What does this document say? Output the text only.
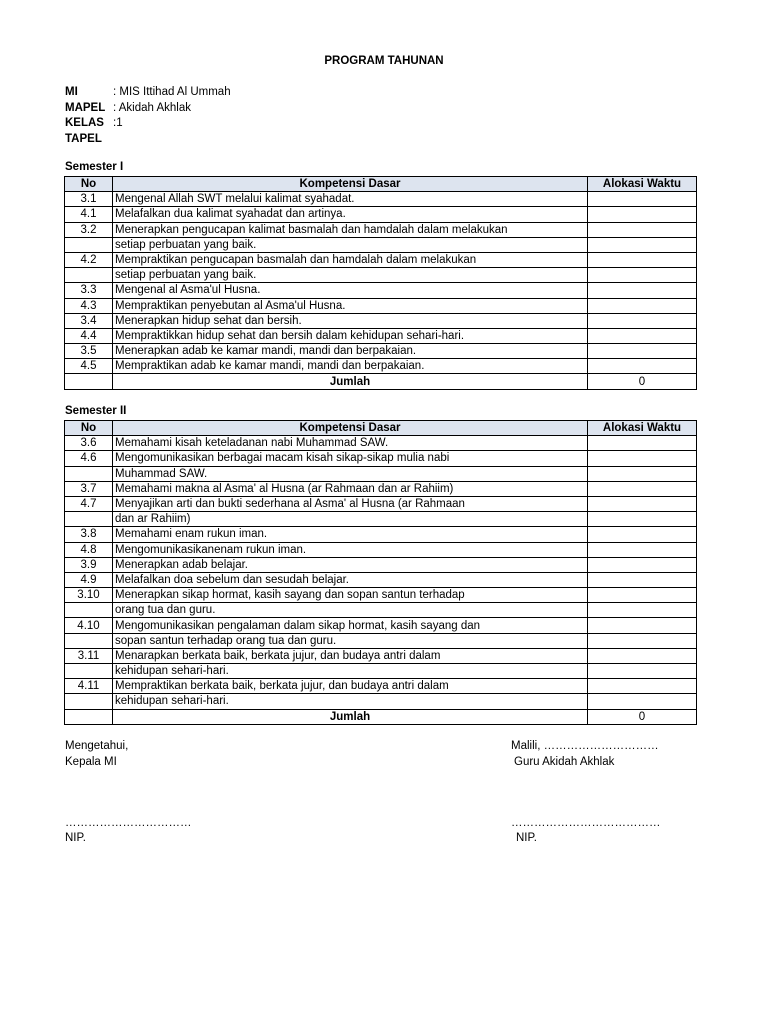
PROGRAM TAHUNAN
MI	: MIS Ittihad Al Ummah
MAPEL : Akidah Akhlak
KELAS :1
TAPEL
Semester I
No	Kompetensi Dasar	Alokasi Waktu
3.1	Mengenal Allah SWT melalui kalimat syahadat.	
4.1	Melafalkan dua kalimat syahadat dan artinya.	
3.2	Menerapkan pengucapan kalimat basmalah dan hamdalah dalam melakukan	
	setiap perbuatan yang baik.	
4.2	Mempraktikan pengucapan basmalah dan hamdalah dalam melakukan	
	setiap perbuatan yang baik.	
3.3	Mengenal al Asma'ul Husna.	
4.3	Mempraktikan penyebutan al Asma'ul Husna.	
3.4	Menerapkan hidup sehat dan bersih.	
4.4	Mempraktikkan hidup sehat dan bersih dalam kehidupan sehari-hari.	
3.5	Menerapkan adab ke kamar mandi, mandi dan berpakaian.	
4.5	Mempraktikan adab ke kamar mandi, mandi dan berpakaian.	
	Jumlah	0
Semester II
No	Kompetensi Dasar	Alokasi Waktu
3.6	Memahami kisah keteladanan nabi Muhammad SAW.	
4.6	Mengomunikasikan berbagai macam kisah sikap-sikap mulia nabi	
	Muhammad SAW.	
3.7	Memahami makna al Asma' al Husna (ar Rahmaan dan ar Rahiim)	
4.7	Menyajikan arti dan bukti sederhana al Asma' al Husna (ar Rahmaan	
	dan ar Rahiim)	
3.8	Memahami enam rukun iman.	
4.8	Mengomunikasikanenam rukun iman.	
3.9	Menerapkan adab belajar.	
4.9	Melafalkan doa sebelum dan sesudah belajar.	
3.10	Menerapkan sikap hormat, kasih sayang dan sopan santun terhadap	
	orang tua dan guru.	
4.10	Mengomunikasikan pengalaman dalam sikap hormat, kasih sayang dan	
	sopan santun terhadap orang tua dan guru.	
3.11	Menarapkan berkata baik, berkata jujur, dan budaya antri dalam	
	kehidupan sehari-hari.	
4.11	Mempraktikan berkata baik, berkata jujur, dan budaya antri dalam	
	kehidupan sehari-hari.	
	Jumlah	0
Mengetahui,
Kepala MI
……………………………
NIP.
Malili, …………………………
Guru Akidah Akhlak
…………………………………
NIP.
